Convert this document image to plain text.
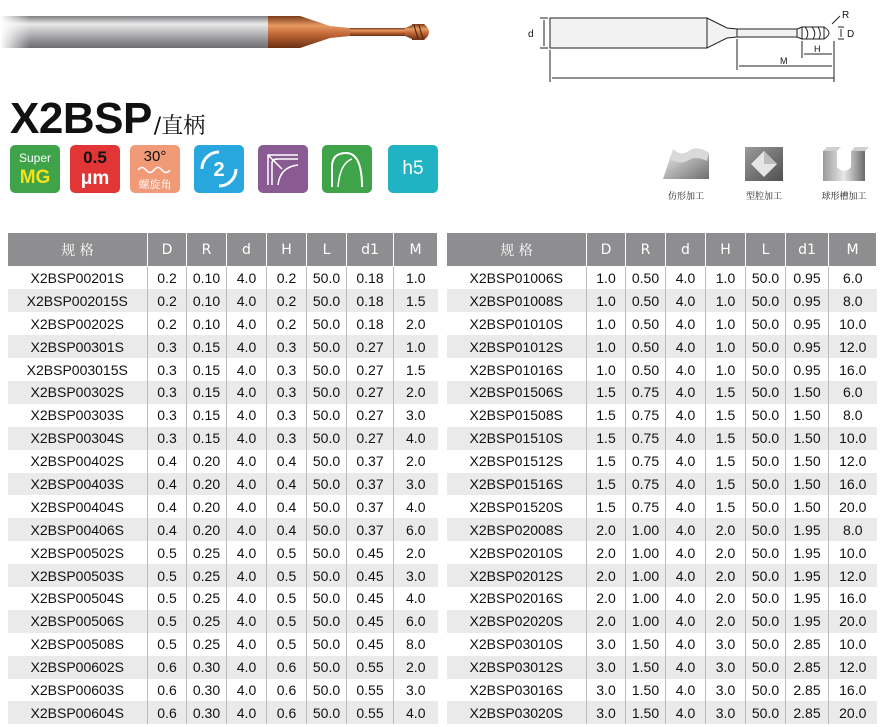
d
R
D
H
M
X2BSP/直柄
Super
MG
0.5
μm
30°
螺旋角
2	h5
仿形加工	型腔加工	球形槽加工
规 格	D	R	d	H	L	d1	M
X2BSP00201S	0.2	0.10	4.0	0.2	50.0	0.18	1.0
X2BSP002015S	0.2	0.10	4.0	0.2	50.0	0.18	1.5
X2BSP00202S	0.2	0.10	4.0	0.2	50.0	0.18	2.0
X2BSP00301S	0.3	0.15	4.0	0.3	50.0	0.27	1.0
X2BSP003015S	0.3	0.15	4.0	0.3	50.0	0.27	1.5
X2BSP00302S	0.3	0.15	4.0	0.3	50.0	0.27	2.0
X2BSP00303S	0.3	0.15	4.0	0.3	50.0	0.27	3.0
X2BSP00304S	0.3	0.15	4.0	0.3	50.0	0.27	4.0
X2BSP00402S	0.4	0.20	4.0	0.4	50.0	0.37	2.0
X2BSP00403S	0.4	0.20	4.0	0.4	50.0	0.37	3.0
X2BSP00404S	0.4	0.20	4.0	0.4	50.0	0.37	4.0
X2BSP00406S	0.4	0.20	4.0	0.4	50.0	0.37	6.0
X2BSP00502S	0.5	0.25	4.0	0.5	50.0	0.45	2.0
X2BSP00503S	0.5	0.25	4.0	0.5	50.0	0.45	3.0
X2BSP00504S	0.5	0.25	4.0	0.5	50.0	0.45	4.0
X2BSP00506S	0.5	0.25	4.0	0.5	50.0	0.45	6.0
X2BSP00508S	0.5	0.25	4.0	0.5	50.0	0.45	8.0
X2BSP00602S	0.6	0.30	4.0	0.6	50.0	0.55	2.0
X2BSP00603S	0.6	0.30	4.0	0.6	50.0	0.55	3.0
X2BSP00604S	0.6	0.30	4.0	0.6	50.0	0.55	4.0
规 格	D	R	d	H	L	d1	M
X2BSP01006S	1.0	0.50	4.0	1.0	50.0	0.95	6.0
X2BSP01008S	1.0	0.50	4.0	1.0	50.0	0.95	8.0
X2BSP01010S	1.0	0.50	4.0	1.0	50.0	0.95	10.0
X2BSP01012S	1.0	0.50	4.0	1.0	50.0	0.95	12.0
X2BSP01016S	1.0	0.50	4.0	1.0	50.0	0.95	16.0
X2BSP01506S	1.5	0.75	4.0	1.5	50.0	1.50	6.0
X2BSP01508S	1.5	0.75	4.0	1.5	50.0	1.50	8.0
X2BSP01510S	1.5	0.75	4.0	1.5	50.0	1.50	10.0
X2BSP01512S	1.5	0.75	4.0	1.5	50.0	1.50	12.0
X2BSP01516S	1.5	0.75	4.0	1.5	50.0	1.50	16.0
X2BSP01520S	1.5	0.75	4.0	1.5	50.0	1.50	20.0
X2BSP02008S	2.0	1.00	4.0	2.0	50.0	1.95	8.0
X2BSP02010S	2.0	1.00	4.0	2.0	50.0	1.95	10.0
X2BSP02012S	2.0	1.00	4.0	2.0	50.0	1.95	12.0
X2BSP02016S	2.0	1.00	4.0	2.0	50.0	1.95	16.0
X2BSP02020S	2.0	1.00	4.0	2.0	50.0	1.95	20.0
X2BSP03010S	3.0	1.50	4.0	3.0	50.0	2.85	10.0
X2BSP03012S	3.0	1.50	4.0	3.0	50.0	2.85	12.0
X2BSP03016S	3.0	1.50	4.0	3.0	50.0	2.85	16.0
X2BSP03020S	3.0	1.50	4.0	3.0	50.0	2.85	20.0
